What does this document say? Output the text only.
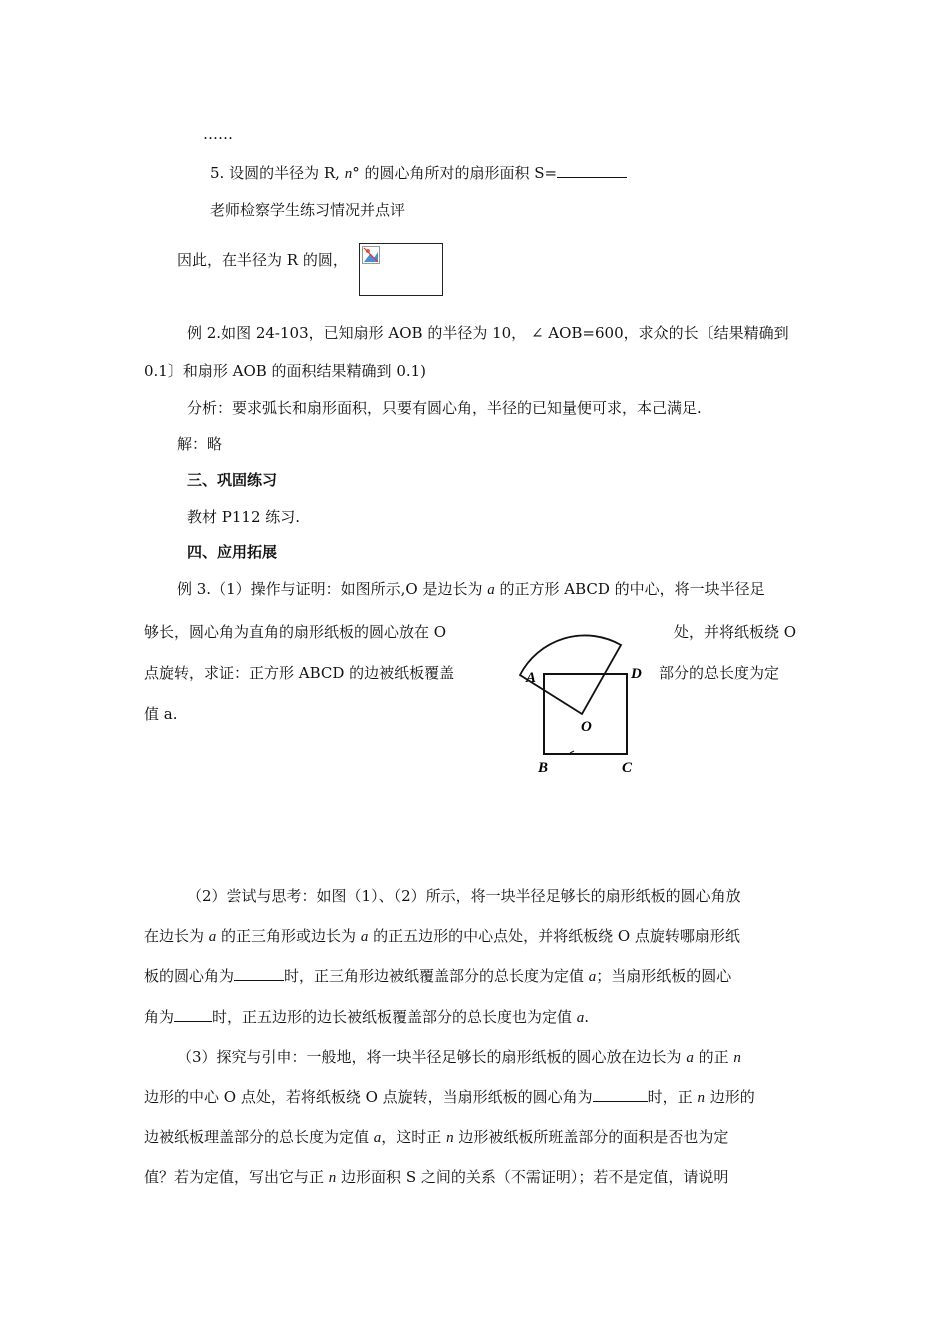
……
5. 设圆的半径为 R, n° 的圆心角所对的扇形面积 S=
老师检察学生练习情况并点评
因此，在半径为 R 的圆，
例 2.如图 24-103，已知扇形 AOB 的半径为 10， ∠ AOB=600，求众的长〔结果精确到
0.1〕和扇形 AOB 的面积结果精确到 0.1)
分析：要求弧长和扇形面积，只要有圆心角，半径的已知量便可求，本己满足.
解：略
三、巩固练习
教材 P112 练习.
四、应用拓展
例 3.（1）操作与证明：如图所示,O 是边长为 a 的正方形 ABCD 的中心，将一块半径足
够长，圆心角为直角的扇形纸板的圆心放在 O	处，并将纸板绕 O
点旋转，求证：正方形 ABCD 的边被纸板覆盖	部分的总长度为定
值 a.
A	D
O
B	C
（2）尝试与思考：如图（1）、（2）所示，将一块半径足够长的扇形纸板的圆心角放
在边长为 a 的正三角形或边长为 a 的正五边形的中心点处，并将纸板绕 O 点旋转哪扇形纸
板的圆心角为	时，正三角形边被纸覆盖部分的总长度为定值 a；当扇形纸板的圆心
角为	时，正五边形的边长被纸板覆盖部分的总长度也为定值 a.
（3）探究与引申：一般地，将一块半径足够长的扇形纸板的圆心放在边长为 a 的正 n
边形的中心 O 点处，若将纸板绕 O 点旋转，当扇形纸板的圆心角为	时，正 n 边形的
边被纸板理盖部分的总长度为定值 a，这时正 n 边形被纸板所班盖部分的面积是否也为定
值？若为定值，写出它与正 n 边形面积 S 之间的关系（不需证明）；若不是定值，请说明
